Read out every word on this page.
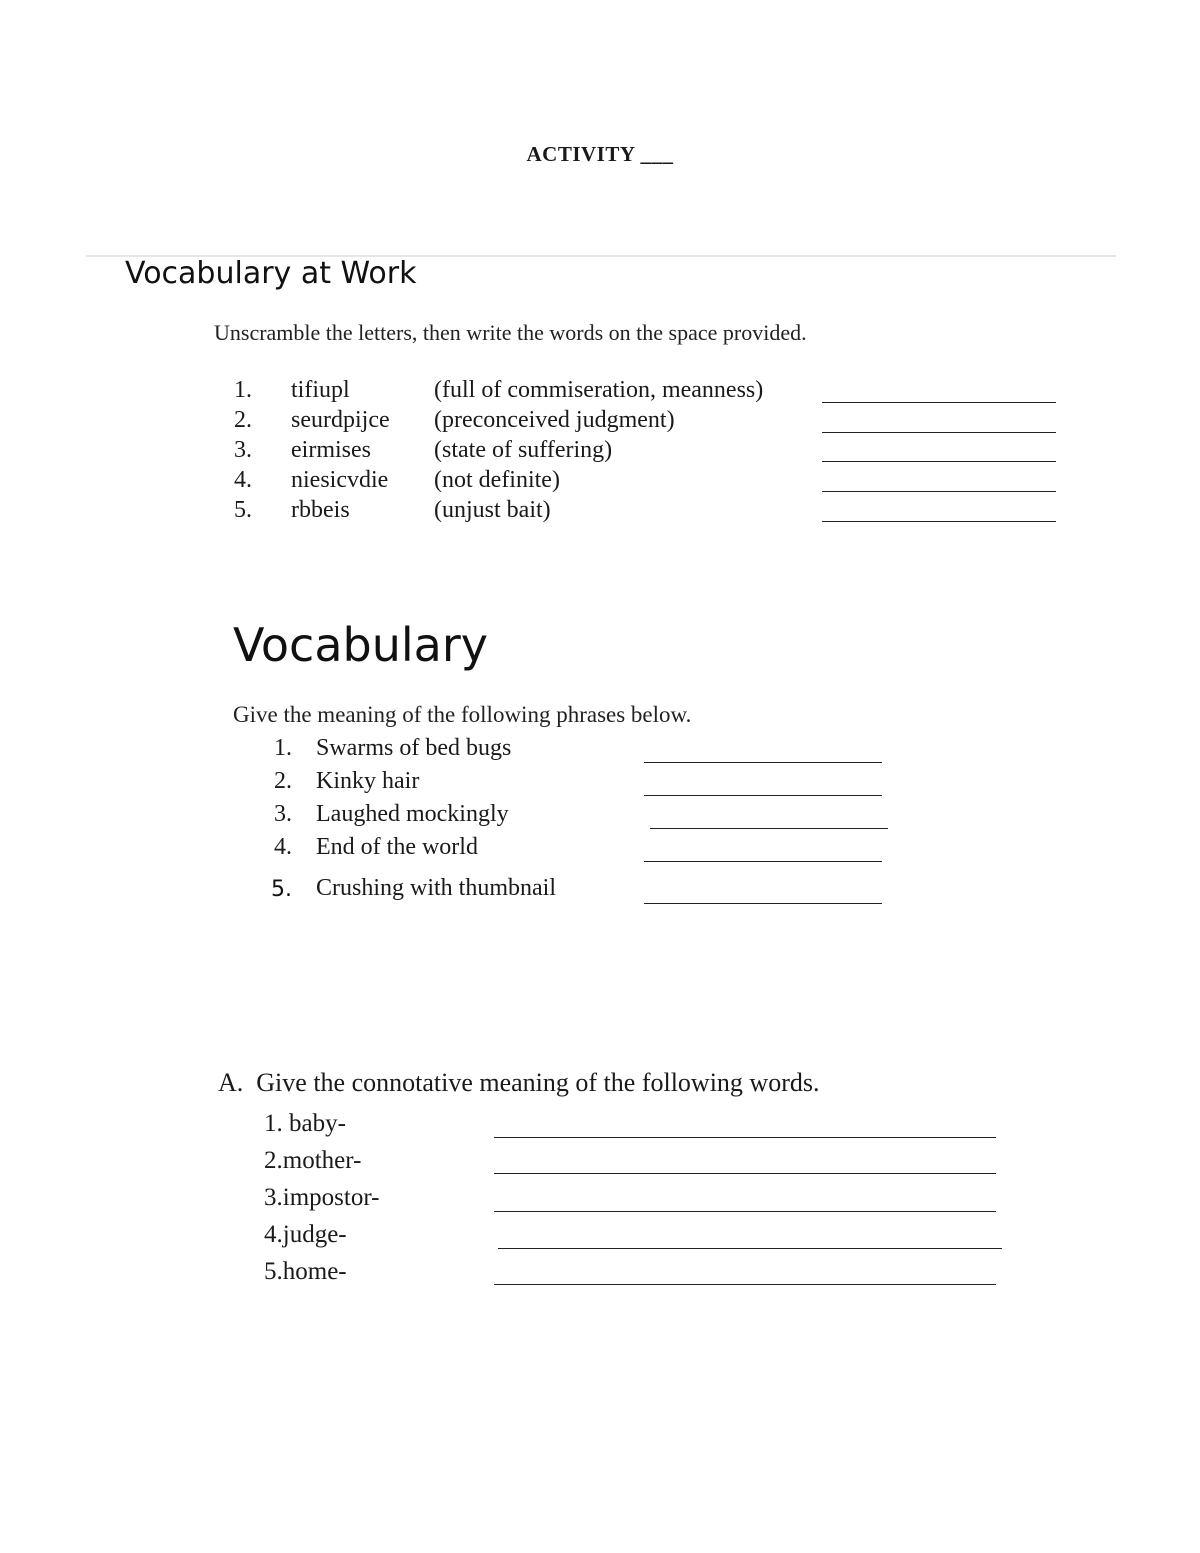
ACTIVITY ___
Vocabulary at Work
Unscramble the letters, then write the words on the space provided.
1. tifiupl	(full of commiseration, meanness)
2. seurdpijce (preconceived judgment)
3. eirmises	(state of suffering)
4. niesicvdie (not definite)
5. rbbeis	(unjust bait)
Vocabulary
Give the meaning of the following phrases below.
1. Swarms of bed bugs
2. Kinky hair
3. Laughed mockingly
4. End of the world
5. Crushing with thumbnail
A.  Give the connotative meaning of the following words.
1. baby-
2.mother-
3.impostor-
4.judge-
5.home-
